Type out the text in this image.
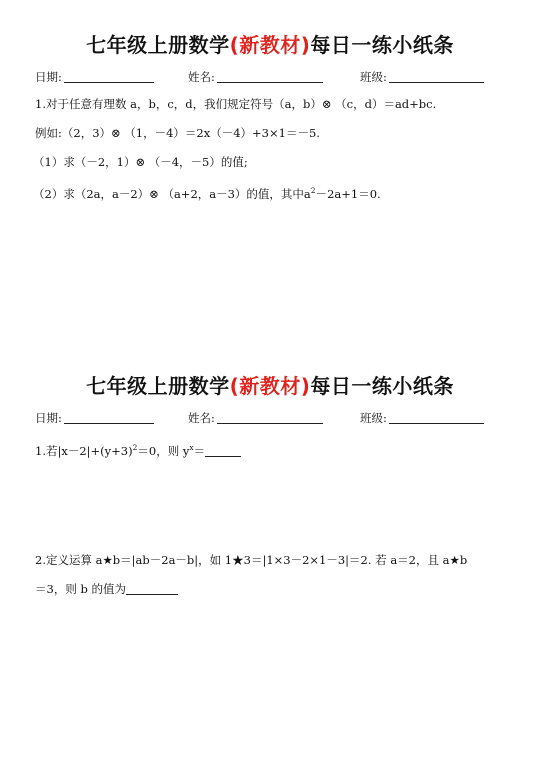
七年级上册数学(新教材)每日一练小纸条
日期:	姓名:	班级:
1.对于任意有理数 a，b，c，d，我们规定符号（a，b）⊗ （c，d）＝ad+bc.
例如:（2，3）⊗ （1，－4）＝2x（－4）+3×1＝－5.
（1）求（－2，1）⊗ （－4，－5）的值;
（2）求（2a，a－2）⊗ （a+2，a－3）的值，其中$a^2-2a+1=0$.
七年级上册数学(新教材)每日一练小纸条
日期:	姓名:	班级:
1.若$|x-2|+(y+3)^2=0$，则 $y^x=$
2.定义运算 a★b＝|ab－2a－b|，如 1★3＝|1×3－2×1－3|＝2. 若 a＝2，且 a★b
＝3，则 b 的值为
